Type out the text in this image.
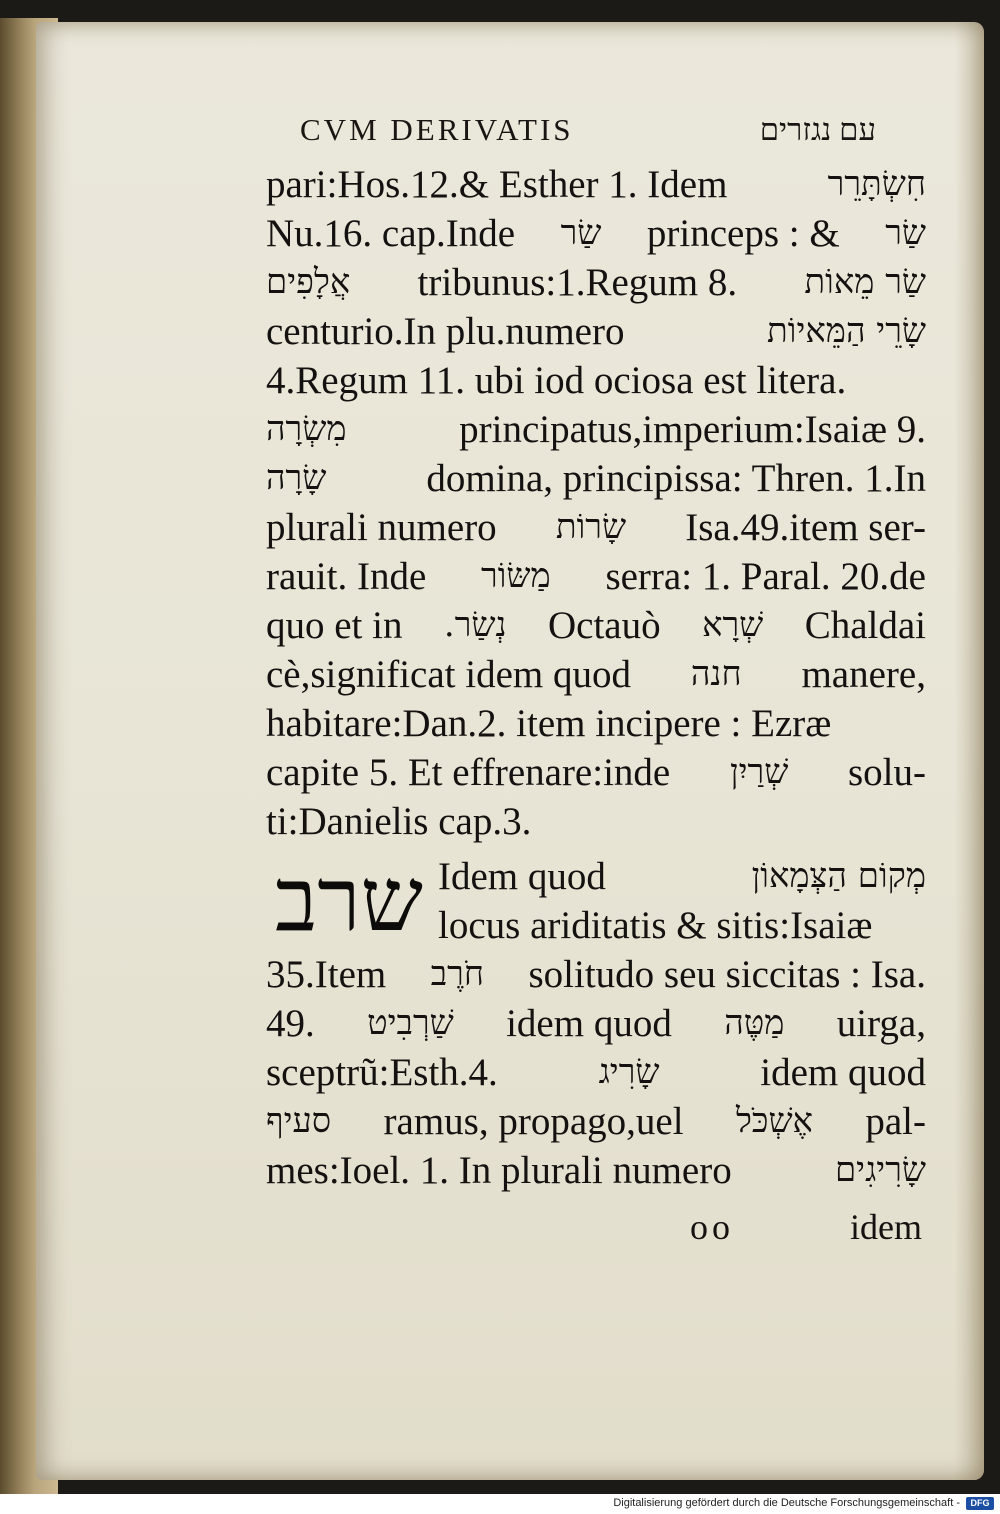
CVM DERIVATIS	עם נגזרים
pari:Hos.12.& Esther 1. Idem	חִשְׂתָּרֵר
Nu.16. cap.Inde שַׂר princeps : & שַׂר
אֲלָפִים tribunus:1.Regum 8. שַׂר מֵאוֹת
centurio.In plu.numero	שָׂרֵי הַמֵּאיוֹת
4.Regum 11. ubi iod ociosa est litera.
מִשְׂרָה	principatus,imperium:Isaiæ 9.
שָׂרָה	domina, principissa: Thren. 1.In
plurali numero שָׂרוֹת Isa.49.item ser-
rauit. Inde מַשּׂוֹר serra: 1. Paral. 20.de
quo et in נְשַׂר. Octauò שְׁרָא Chaldai
cè,significat idem quod חנה manere,
habitare:Dan.2. item incipere : Ezræ
capite 5. Et effrenare:inde שְׁרַיִן solu-
ti:Danielis cap.3.
שרב Idem quod	מְקוֹם הַצְּמָאוֹן
locus ariditatis & sitis:Isaiæ
35.Item חֹרֶב solitudo seu siccitas : Isa.
49. שַׁרְבִיט idem quod מַטֶּה uirga,
sceptrũ:Esth.4.	שָׂרִיג	idem quod
סעיף ramus, propago,uel אֶשְׁכֹּל pal-
mes:Ioel. 1. In plurali numero	שָׂרִיגִים
oo	idem
Digitalisierung gefördert durch die Deutsche Forschungsgemeinschaft -	DFG
